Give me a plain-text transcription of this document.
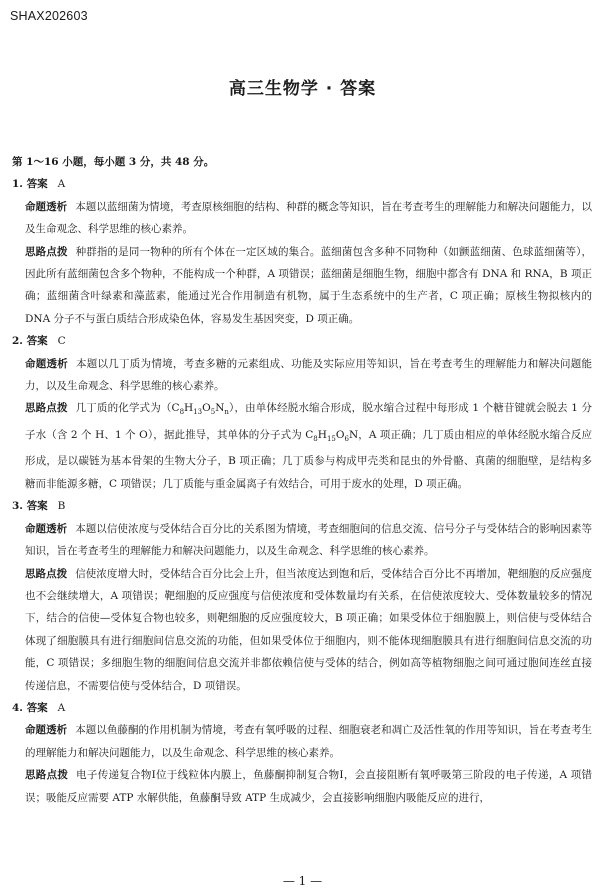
SHAX202603
高三生物学 · 答案

第 1～16 小题，每小题 3 分，共 48 分。

1. 答案 A

命题透析 本题以蓝细菌为情境，考查原核细胞的结构、种群的概念等知识，旨在考查考生的理解能力和解决问题能力，以及生命观念、科学思维的核心素养。

思路点拨 种群指的是同一物种的所有个体在一定区域的集合。蓝细菌包含多种不同物种（如颤蓝细菌、色球蓝细菌等），因此所有蓝细菌包含多个物种，不能构成一个种群，A 项错误；蓝细菌是细胞生物，细胞中都含有 DNA 和 RNA，B 项正确；蓝细菌含叶绿素和藻蓝素，能通过光合作用制造有机物，属于生态系统中的生产者，C 项正确；原核生物拟核内的 DNA 分子不与蛋白质结合形成染色体，容易发生基因突变，D 项正确。

2. 答案 C

命题透析 本题以几丁质为情境，考查多糖的元素组成、功能及实际应用等知识，旨在考查考生的理解能力和解决问题能力，以及生命观念、科学思维的核心素养。

思路点拨 几丁质的化学式为$(C_8H_{13}O_5N_n)$，由单体经脱水缩合形成，脱水缩合过程中每形成 1 个糖苷键就会脱去 1 分子水（含 2 个 H、1 个 O），据此推导，其单体的分子式为 $C_8H_{15}O_6N$，A 项正确；几丁质由相应的单体经脱水缩合反应形成，是以碳链为基本骨架的生物大分子，B 项正确；几丁质参与构成甲壳类和昆虫的外骨骼、真菌的细胞壁，是结构多糖而非能源多糖，C 项错误；几丁质能与重金属离子有效结合，可用于废水的处理，D 项正确。

3. 答案 B

命题透析 本题以信使浓度与受体结合百分比的关系图为情境，考查细胞间的信息交流、信号分子与受体结合的影响因素等知识，旨在考查考生的理解能力和解决问题能力，以及生命观念、科学思维的核心素养。

思路点拨 信使浓度增大时，受体结合百分比会上升，但当浓度达到饱和后，受体结合百分比不再增加，靶细胞的反应强度也不会继续增大，A 项错误；靶细胞的反应强度与信使浓度和受体数量均有关系，在信使浓度较大、受体数量较多的情况下，结合的信使—受体复合物也较多，则靶细胞的反应强度较大，B 项正确；如果受体位于细胞膜上，则信使与受体结合体现了细胞膜具有进行细胞间信息交流的功能，但如果受体位于细胞内，则不能体现细胞膜具有进行细胞间信息交流的功能，C 项错误；多细胞生物的细胞间信息交流并非都依赖信使与受体的结合，例如高等植物细胞之间可通过胞间连丝直接传递信息，不需要信使与受体结合，D 项错误。

4. 答案 A

命题透析 本题以鱼藤酮的作用机制为情境，考查有氧呼吸的过程、细胞衰老和凋亡及活性氧的作用等知识，旨在考查考生的理解能力和解决问题能力，以及生命观念、科学思维的核心素养。

思路点拨 电子传递复合物Ⅰ位于线粒体内膜上，鱼藤酮抑制复合物Ⅰ，会直接阻断有氧呼吸第三阶段的电子传递，A 项错误；吸能反应需要 ATP 水解供能，鱼藤酮导致 ATP 生成减少，会直接影响细胞内吸能反应的进行，

— 1 —
